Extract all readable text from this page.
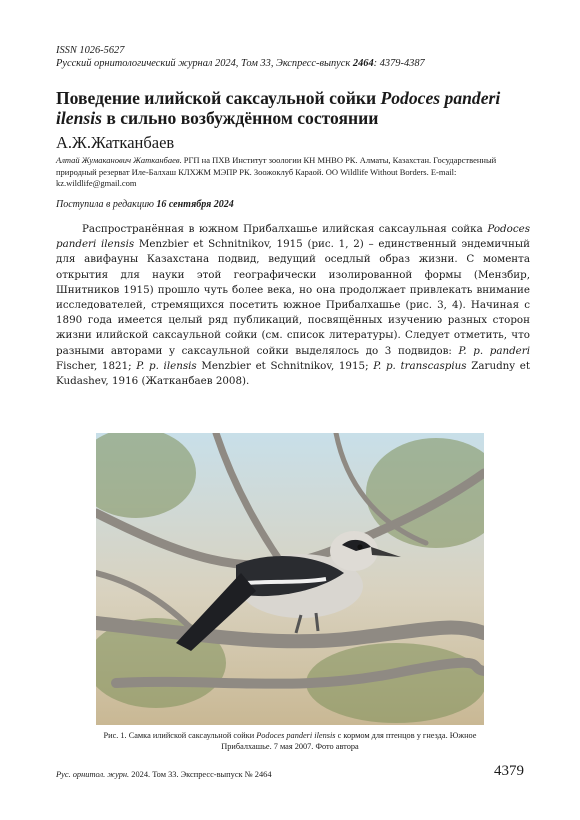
ISSN 1026-5627
Русский орнитологический журнал 2024, Том 33, Экспресс-выпуск 2464: 4379-4387
Поведение илийской саксаульной сойки Podoces panderi ilensis в сильно возбуждённом состоянии
А.Ж.Жатканбаев
Алтай Жумаканович Жатканбаев. РГП на ПХВ Институт зоологии КН МНВО РК. Алматы, Казахстан. Государственный природный резерват Иле-Балхаш КЛХЖМ МЭПР РК. Зоожоклуб Караой. ОО Wildlife Without Borders. E-mail: kz.wildlife@gmail.com
Поступила в редакцию 16 сентября 2024

Распространённая в южном Прибалхашье илийская саксаульная сойка Podoces panderi ilensis Menzbier et Schnitnikov, 1915 (рис. 1, 2) – единственный эндемичный для авифауны Казахстана подвид, ведущий оседлый образ жизни. С момента открытия для науки этой географически изолированной формы (Мензбир, Шнитников 1915) прошло чуть более века, но она продолжает привлекать внимание исследователей, стремящихся посетить южное Прибалхашье (рис. 3, 4). Начиная с 1890 года имеется целый ряд публикаций, посвящённых изучению разных сторон жизни илийской саксаульной сойки (см. список литературы). Следует отметить, что разными авторами у саксаульной сойки выделялось до 3 подвидов: P. p. panderi Fischer, 1821; P. p. ilensis Menzbier et Schnitnikov, 1915; P. p. transcaspius Zarudny et Kudashev, 1916 (Жатканбаев 2008).

Рис. 1. Самка илийской саксаульной сойки Podoces panderi ilensis с кормом для птенцов у гнезда. Южное Прибалхашье. 7 мая 2007. Фото автора
Рус. орнитол. журн. 2024. Том 33. Экспресс-выпуск № 2464	4379
